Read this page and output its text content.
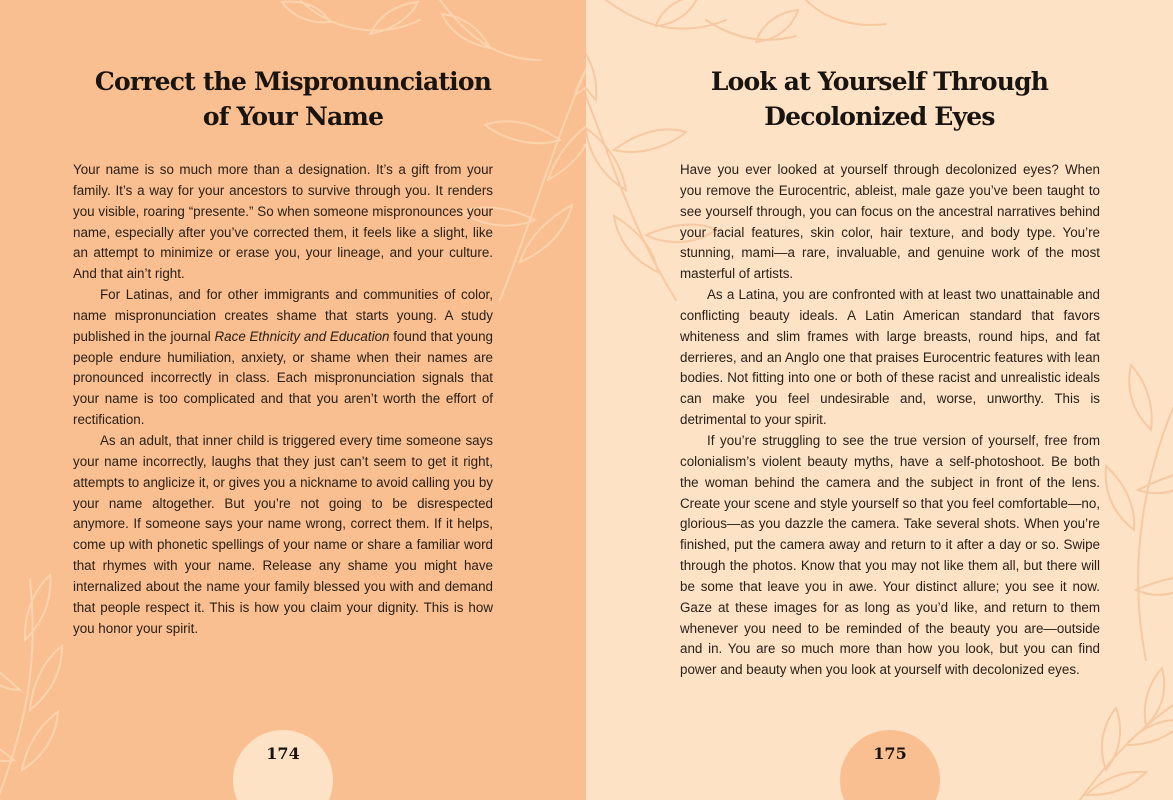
Correct the Mispronunciation
of Your Name

Your name is so much more than a designation. It’s a gift from your family. It’s a way for your ancestors to survive through you. It renders you visible, roaring “presente.” So when someone mispronounces your name, especially after you’ve corrected them, it feels like a slight, like an attempt to minimize or erase you, your lineage, and your culture. And that ain’t right.

For Latinas, and for other immigrants and communities of color, name mispronunciation creates shame that starts young. A study published in the journal Race Ethnicity and Education found that young people endure humiliation, anxiety, or shame when their names are pronounced incorrectly in class. Each mispronunciation signals that your name is too complicated and that you aren’t worth the effort of rectification.

As an adult, that inner child is triggered every time someone says your name incorrectly, laughs that they just can’t seem to get it right, attempts to anglicize it, or gives you a nickname to avoid calling you by your name altogether. But you’re not going to be disrespected anymore. If someone says your name wrong, correct them. If it helps, come up with phonetic spellings of your name or share a familiar word that rhymes with your name. Release any shame you might have internalized about the name your family blessed you with and demand that people respect it. This is how you claim your dignity. This is how you honor your spirit.

174
Look at Yourself Through
Decolonized Eyes

Have you ever looked at yourself through decolonized eyes? When you remove the Eurocentric, ableist, male gaze you’ve been taught to see yourself through, you can focus on the ancestral narratives behind your facial features, skin color, hair texture, and body type. You’re stunning, mami—a rare, invaluable, and genuine work of the most masterful of artists.

As a Latina, you are confronted with at least two unattainable and conflicting beauty ideals. A Latin American standard that favors whiteness and slim frames with large breasts, round hips, and fat derrieres, and an Anglo one that praises Eurocentric features with lean bodies. Not fitting into one or both of these racist and unrealistic ideals can make you feel undesirable and, worse, unworthy. This is detrimental to your spirit.

If you’re struggling to see the true version of yourself, free from colonialism’s violent beauty myths, have a self-photoshoot. Be both the woman behind the camera and the subject in front of the lens. Create your scene and style yourself so that you feel comfortable—no, glorious—as you dazzle the camera. Take several shots. When you’re finished, put the camera away and return to it after a day or so. Swipe through the photos. Know that you may not like them all, but there will be some that leave you in awe. Your distinct allure; you see it now. Gaze at these images for as long as you’d like, and return to them whenever you need to be reminded of the beauty you are—outside and in. You are so much more than how you look, but you can find power and beauty when you look at yourself with decolonized eyes.

175
